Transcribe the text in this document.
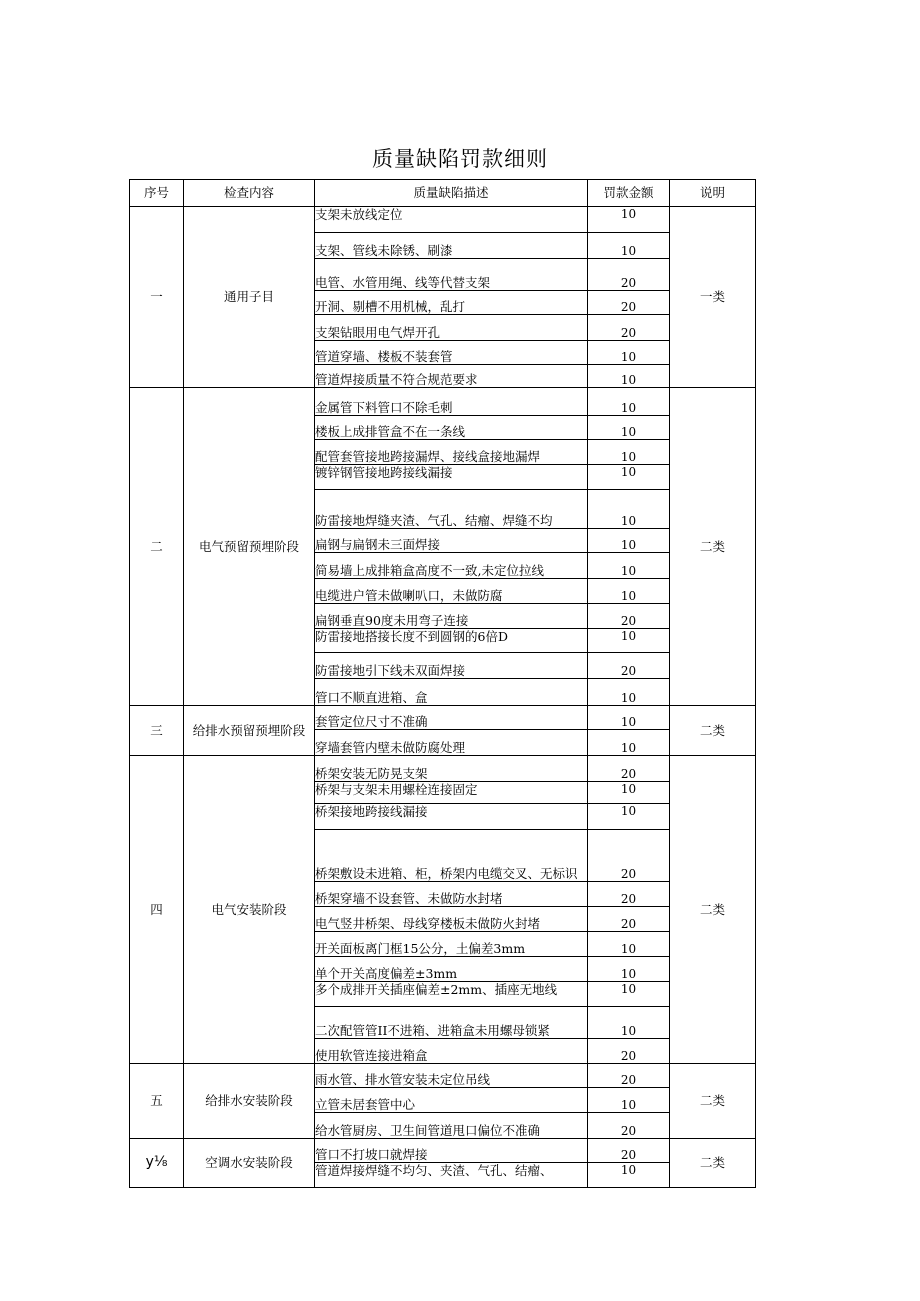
质量缺陷罚款细则
序号	检查内容	质量缺陷描述	罚款金额	说明
一	通用子目	支架未放线定位	10	一类
		支架、管线未除锈、刷漆	10	
		电管、水管用绳、线等代替支架	20	
		开洞、剔槽不用机械，乱打	20	
		支架钻眼用电气焊开孔	20	
		管道穿墙、楼板不装套管	10	
		管道焊接质量不符合规范要求	10	
二	电气预留预埋阶段	金属管下料管口不除毛刺	10	二类
		楼板上成排管盒不在一条线	10	
		配管套管接地跨接漏焊、接线盒接地漏焊	10	
		镀锌钢管接地跨接线漏接	10	
		防雷接地焊缝夹渣、气孔、结瘤、焊缝不均	10	
		扁钢与扁钢未三面焊接	10	
		简易墙上成排箱盒高度不一致,未定位拉线	10	
		电缆进户管未做喇叭口，未做防腐	10	
		扁钢垂直90度未用弯子连接	20	
		防雷接地搭接长度不到圆钢的6倍D	10	
		防雷接地引下线未双面焊接	20	
		管口不顺直进箱、盒	10	
三	给排水预留预埋阶段	套管定位尺寸不准确	10	二类
		穿墙套管内壁未做防腐处理	10	
四	电气安装阶段	桥架安装无防晃支架	20	二类
		桥架与支架未用螺栓连接固定	10	
		桥架接地跨接线漏接	10	
		桥架敷设未进箱、柜，桥架内电缆交叉、无标识	20	
		桥架穿墙不设套管、未做防水封堵	20	
		电气竖井桥架、母线穿楼板未做防火封堵	20	
		开关面板离门框15公分，土偏差3mm	10	
		单个开关高度偏差±3mm	10	
		多个成排开关插座偏差±2mm、插座无地线	10	
		二次配管管II不进箱、进箱盒未用螺母锁紧	10	
		使用软管连接进箱盒	20	
五	给排水安装阶段	雨水管、排水管安装未定位吊线	20	二类
		立管未居套管中心	10	
		给水管厨房、卫生间管道甩口偏位不准确	20	
y⅛	空调水安装阶段	管口不打坡口就焊接	20	二类
		管道焊接焊缝不均匀、夹渣、气孔、结瘤、	10	
